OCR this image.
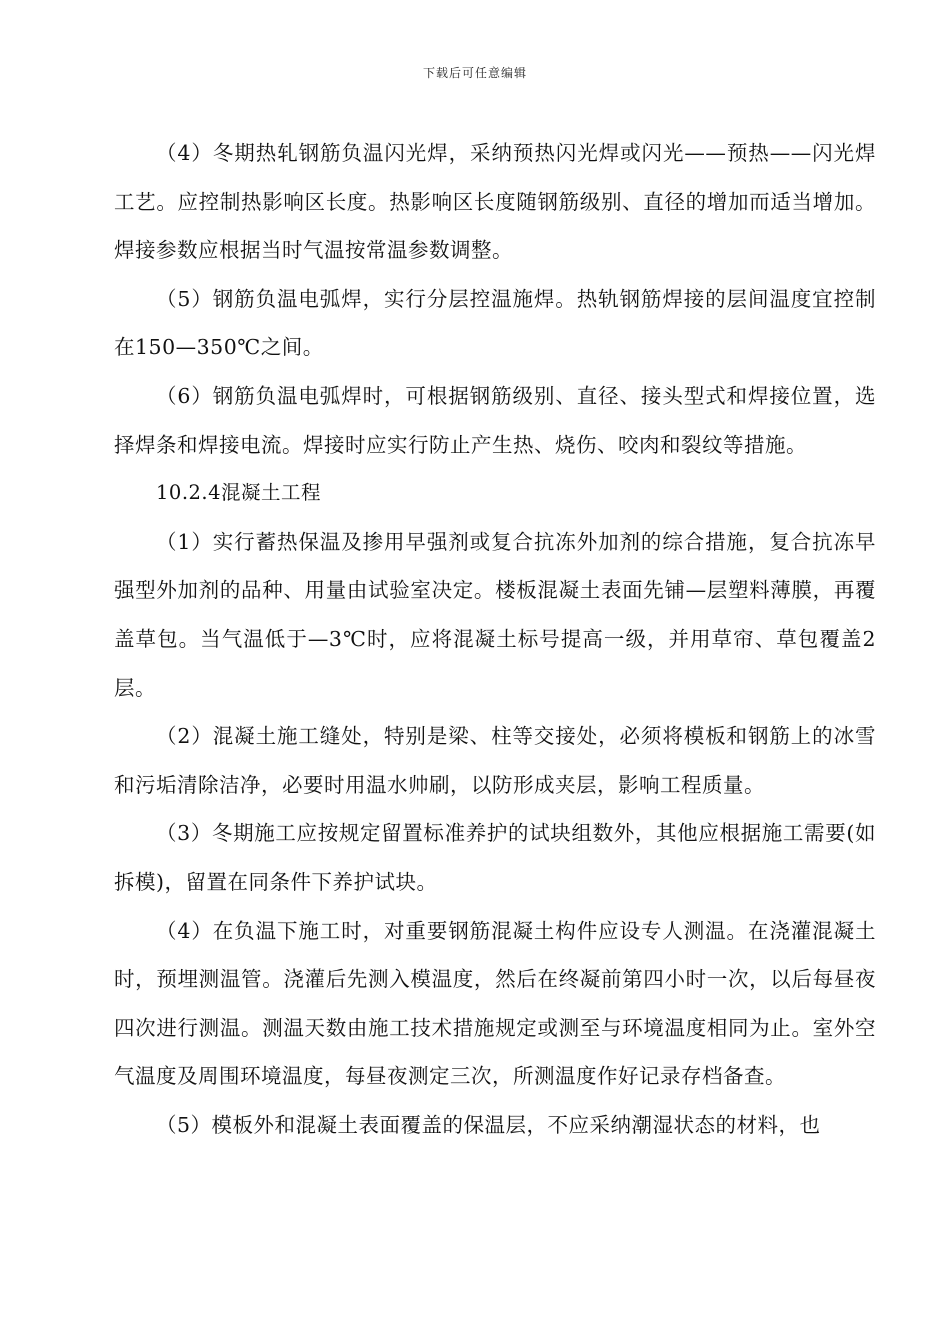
下载后可任意编辑

（4）冬期热轧钢筋负温闪光焊，采纳预热闪光焊或闪光——预热——闪光焊工艺。应控制热影响区长度。热影响区长度随钢筋级别、直径的增加而适当增加。焊接参数应根据当时气温按常温参数调整。

（5）钢筋负温电弧焊，实行分层控温施焊。热轨钢筋焊接的层间温度宜控制在150—350℃之间。

（6）钢筋负温电弧焊时，可根据钢筋级别、直径、接头型式和焊接位置，选择焊条和焊接电流。焊接时应实行防止产生热、烧伤、咬肉和裂纹等措施。

10.2.4混凝土工程

（1）实行蓄热保温及掺用早强剂或复合抗冻外加剂的综合措施，复合抗冻早强型外加剂的品种、用量由试验室决定。楼板混凝土表面先铺—层塑料薄膜，再覆盖草包。当气温低于—3℃时，应将混凝土标号提高一级，并用草帘、草包覆盖2层。

（2）混凝土施工缝处，特别是梁、柱等交接处，必须将模板和钢筋上的冰雪和污垢清除洁净，必要时用温水帅刷，以防形成夹层，影响工程质量。

（3）冬期施工应按规定留置标准养护的试块组数外，其他应根据施工需要(如拆模)，留置在同条件下养护试块。

（4）在负温下施工时，对重要钢筋混凝土构件应设专人测温。在浇灌混凝土时，预埋测温管。浇灌后先测入模温度，然后在终凝前第四小时一次，以后每昼夜四次进行测温。测温天数由施工技术措施规定或测至与环境温度相同为止。室外空气温度及周围环境温度，每昼夜测定三次，所测温度作好记录存档备查。

（5）模板外和混凝土表面覆盖的保温层，不应采纳潮湿状态的材料，也
